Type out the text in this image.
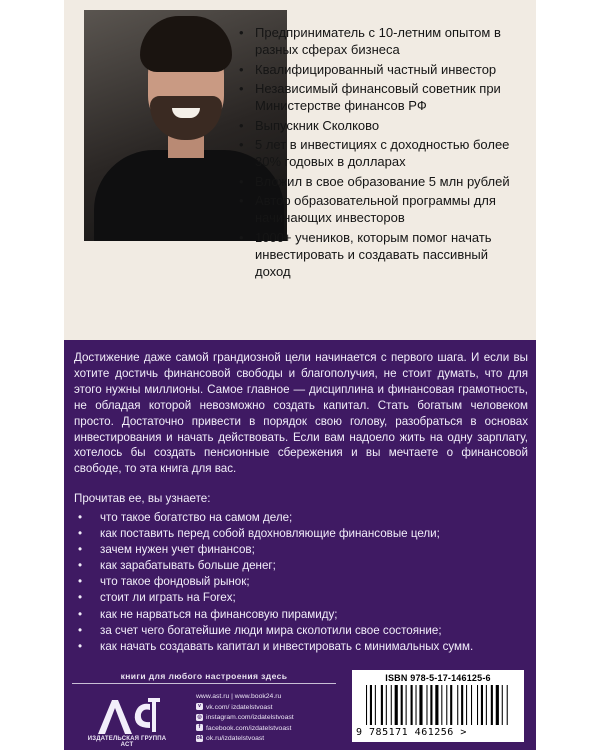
• Предприниматель с 10-летним опытом в разных сферах бизнеса
• Квалифицированный частный инвестор
• Независимый финансовый советник при Министерстве финансов РФ
• Выпускник Сколково
• 5 лет в инвестициях с доходностью более 30% годовых в долларах
• Вложил в свое образование 5 млн рублей
• Автор образовательной программы для начинающих инвесторов
• 1000+ учеников, которым помог начать инвестировать и создавать пассивный доход

Достижение даже самой грандиозной цели начинается с первого шага. И если вы хотите достичь финансовой свободы и благополучия, не стоит думать, что для этого нужны миллионы. Самое главное — дисциплина и финансовая грамотность, не обладая которой невозможно создать капитал. Стать богатым человеком просто. Достаточно привести в порядок свою голову, разобраться в основах инвестирования и начать действовать. Если вам надоело жить на одну зарплату, хотелось бы создать пенсионные сбережения и вы мечтаете о финансовой свободе, то эта книга для вас.

Прочитав ее, вы узнаете:

• что такое богатство на самом деле;
• как поставить перед собой вдохновляющие финансовые цели;
• зачем нужен учет финансов;
• как зарабатывать больше денег;
• что такое фондовый рынок;
• стоит ли играть на Forex;
• как не нарваться на финансовую пирамиду;
• за счет чего богатейшие люди мира сколотили свое состояние;
• как начать создавать капитал и инвестировать с минимальных сумм.
книги для любого настроения здесь
ИЗДАТЕЛЬСКАЯ ГРУППА АСТ
www.ast.ru | www.book24.ru
v vk.com/ izdatelstvoast
◎ instagram.com/izdatelstvoast
f facebook.com/izdatelstvoast
ok ok.ru/izdatelstvoast
ISBN 978-5-17-146125-6
9 785171 461256 >
